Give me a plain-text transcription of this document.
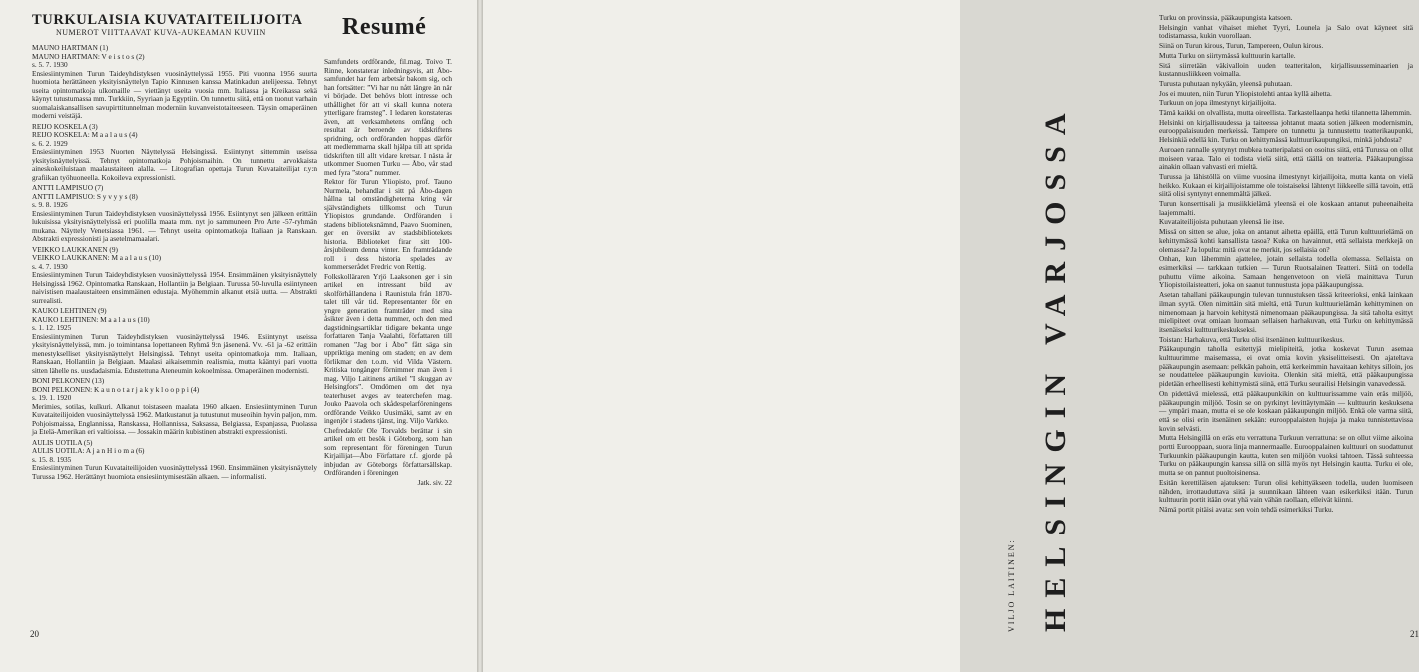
TURKULAISIA KUVATAITEILIJOITA
NUMEROT VIITTAAVAT KUVA-AUKEAMAN KUVIIN

MAUNO HARTMAN (1)

MAUNO HARTMAN: V e i s t o s (2)

s. 5. 7. 1930

Ensiesiintyminen Turun Taideyhdistyksen vuosinäyttelyssä 1955. Piti vuonna 1956 suurta huomiota herättäneen yksityisnäyttelyn Tapio Kinnusen kanssa Matinkadun atelijeessa. Tehnyt useita opintomatkoja ulkomaille — viettänyt useita vuosia mm. Italiassa ja Kreikassa sekä käynyt tutustumassa mm. Turkkiin, Syyriaan ja Egyptiin. On tunnettu siitä, että on tuonut varhain suomalaiskansallisen savupirttitunnelman moderniin kuvanveistotaiteeseen. Täysin omaperäinen moderni veistäjä.

REIJO KOSKELA (3)

REIJO KOSKELA: M a a l a u s (4)

s. 6. 2. 1929

Ensiesiintyminen 1953 Nuorten Näyttelyssä Helsingissä. Esiintynyt sittemmin useissa yksityisnäyttelyissä. Tehnyt opintomatkoja Pohjoismaihin. On tunnettu arvokkaista aineskokeiluistaan maalaustaiteen alalla. — Litografian opettaja Turun Kuvataiteilijat r.y:n grafiikan työhuoneella. Kokoileva expressionisti.

ANTTI LAMPISUO (7)

ANTTI LAMPISUO: S y v y y s (8)

s. 9. 8. 1926

Ensiesiintyminen Turun Taideyhdistyksen vuosinäyttelyssä 1956. Esiintynyt sen jälkeen erittäin lukuisissa yksityisnäyttelyissä eri puolilla maata mm. nyt jo sammuneen Pro Arte -57-ryhmän mukana. Näyttely Venetsiassa 1961. — Tehnyt useita opintomatkoja Italiaan ja Ranskaan. Abstrakti expressionisti ja asetelmamaalari.

VEIKKO LAUKKANEN (9)

VEIKKO LAUKKANEN: M a a l a u s (10)

s. 4. 7. 1930

Ensiesiintyminen Turun Taideyhdistyksen vuosinäyttelyssä 1954. Ensimmäinen yksityisnäyttely Helsingissä 1962. Opintomatka Ranskaan, Hollantiin ja Belgiaan. Turussa 50-luvulla esiintyneen naivistisen maalaustaiteen ensimmäinen edustaja. Myöhemmin alkanut etsiä uutta. — Abstrakti surrealisti.

KAUKO LEHTINEN (9)

KAUKO LEHTINEN: M a a l a u s (10)

s. 1. 12. 1925

Ensiesiintyminen Turun Taideyhdistyksen vuosinäyttelyssä 1946. Esiintynyt useissa yksityisnäyttelyissä, mm. jo toimintansa lopettaneen Ryhmä 9:n jäsenenä. Vv. -61 ja -62 erittäin menestykselliset yksityisnäyttelyt Helsingissä. Tehnyt useita opintomatkoja mm. Italiaan, Ranskaan, Hollantiin ja Belgiaan. Maalasi aikaisemmin realismia, mutta kääntyi pari vuotta sitten lähelle ns. uusdadaismia. Edustettuna Ateneumin kokoelmissa. Omaperäinen modernisti.

BONI PELKONEN (13)

BONI PELKONEN: K a u n o t a r j a k y k l o o p p i (4)

s. 19. 1. 1920

Merimies, sotilas, kulkuri. Alkanut toistaseen maalata 1960 alkaen. Ensiesiintyminen Turun Kuvataiteilijoiden vuosinäyttelyssä 1962. Matkustanut ja tutustunut museoihin hyvin paljon, mm. Pohjoismaissa, Englannissa, Ranskassa, Hollannissa, Saksassa, Belgiassa, Espanjassa, Puolassa ja Etelä-Amerikan eri valtioissa. — Jossakin määrin kubistinen abstrakti expressionisti.

AULIS UOTILA (5)

AULIS UOTILA: A j a n H i o m a (6)

s. 15. 8. 1935

Ensiesiintyminen Turun Kuvataiteilijoiden vuosinäyttelyssä 1960. Ensimmäinen yksityisnäyttely Turussa 1962. Herättänyt huomiota ensiesiintymisestään alkaen. — informalisti.

Resumé

Samfundets ordförande, fil.mag. Toivo T. Rinne, konstaterar inledningsvis, att Åbo-samfundet har fem arbetsår bakom sig, och han fortsätter: ”Vi har nu nått längre än när vi började. Det behövs blott intresse och uthållighet för att vi skall kunna notera ytterligare framsteg”. I ledaren konstateras även, att verksamhetens omfång och resultat är beroende av tidskriftens spridning, och ordföranden hoppas därför att medlemmarna skall hjälpa till att sprida tidskriften till allt vidare kretsar. I nästa år utkommer Suomen Turku — Åbo, vår stad med fyra ”stora” nummer.

Rektor för Turun Yliopisto, prof. Tauno Nurmela, behandlar i sitt på Åbo-dagen hållna tal omständigheterna kring vår självständighets tillkomst och Turun Yliopistos grundande. Ordföranden i stadens biblioteksnämnd, Paavo Suominen, ger en översikt av stadsbibliotekets historia. Biblioteket firar sitt 100-årsjubileum denna vinter. En framträdande roll i dess historia spelades av kommerserådet Fredric von Rettig.

Folkskolläraren Yrjö Laaksonen ger i sin artikel en intressant bild av skolförhållandena i Raunistula från 1870-talet till vår tid. Representanter för en yngre generation framträder med sina åsikter även i detta nummer, och den med dagstidningsartiklar tidigare bekanta unge forfattaren Tanja Vaalahti, författaren till romanen ”Jag bor i Åbo” fått säga sin uppriktiga mening om staden; en av dem förlikmar den t.o.m. vid Vilda Västern. Kritiska tongånger förnimmer man även i mag. Viljo Laitinens artikel ”I skuggan av Helsingfors”. Omdömen om det nya teaterhuset avges av teaterchefen mag. Jouko Paavola och skådespelarföreningens ordförande Veikko Uusimäki, samt av en ingenjör i stadens tjänst, ing. Viljo Varkko.

Chefredaktör Ole Torvalds berättar i sin artikel om ett besök i Göteborg, som han som representant för föreningen Turun Kirjailijat—Åbo Författare r.f. gjorde på inbjudan av Göteborgs författarsällskap. Ordföranden i föreningen

Jatk. siv. 22

20
VILJO LAITINEN: HELSINGIN VARJOSSA

Turku on provinssia, pääkaupungista katsoen.

Helsingin vanhat vihaiset miehet Tyyri, Lounela ja Salo ovat käyneet sitä todistamassa, kukin vuorollaan.

Siinä on Turun kirous, Turun, Tampereen, Oulun kirous.

Mutta Turku on siirtymässä kulttuurin kartalle.

Sitä siirretään väkivalloin uuden teatteritalon, kirjallisuusseminaarien ja kustannusliikkeen voimalla.

Turusta puhutaan nykyään, yleensä puhutaan.

Jos ei muuten, niin Turun Yliopistolehti antaa kyllä aihetta.

Turkuun on jopa ilmestynyt kirjailijoita.

Tämä kaikki on olvallista, mutta oireellista. Tarkastellaanpa hetki tilannetta lähemmin.

Helsinki on kirjallisuudessa ja taiteessa johtanut maata sotien jälkeen modernismin, eurooppalaisuuden merkeissä. Tampere on tunnettu ja tunnustettu teatterikaupunki, Helsinkiä edellä kin. Turku on kehittymässä kulttuurikaupungiksi, minkä johdosta?

Auroaen rannalle syntynyt mubkea teatteripalatsi on osoitus siitä, että Turussa on ollut moiseen varaa. Talo ei todista vielä siitä, että täällä on teatteria. Pääkaupungissa ainakin ollaan vahvasti eri mieltä.

Turussa ja lähistöllä on viime vuosina ilmestynyt kirjailijoita, mutta kanta on vielä heikko. Kukaan ei kirjailijoistamme ole toistaiseksi lähtenyt liikkeelle sillä tavoin, että siitä olisi syntynyt ennemmältä jälkeä.

Turun konserttisali ja musiikkielämä yleensä ei ole koskaan antanut puheenaiheita laajemmalti.

Kuvataiteilijoista puhutaan yleensä lie itse.

Missä on sitten se alue, joka on antanut aihetta epäillä, että Turun kulttuurielämä on kehittymässä kohti kansallista tasoa? Kuka on havainnut, että sellaista merkkejä on olemassa? Ja lopulta: mitä ovat ne merkit, jos sellaisia on?

Onhan, kun lähemmin ajattelee, jotain sellaista todella olemassa. Sellaista on esimerkiksi — tarkkaan tutkien — Turun Ruotsalainen Teatteri. Siitä on todella puhuttu viime aikoina. Samaan hengenvetoon on vielä mainittava Turun Yliopistoilaisteatteri, joka on saanut tunnustusta jopa pääkaupungissa.

Asetan tahallani pääkaupungin tulevan tunnustuksen tässä kriteerioksi, enkä lainkaan ilman syytä. Olen nimittäin sitä mieltä, että Turun kulttuurielämän kehittyminen on nimenomaan ja harvoin kehitystä nimenomaan pääkaupungissa. Ja sitä taholta esittyt mielipiteet ovat omiaan luomaan sellaisen harhakuvan, että Turku on kehittymässä itsenäiseksi kulttuurikeskukseksi.

Toistan: Harhakuva, että Turku olisi itsenäinen kulttuurikeskus.

Pääkaupungin taholla esitettyjä mielipiteitä, jotka koskevat Turun asemaa kulttuurimme maisemassa, ei ovat omia kovin yksiselitteisesti. On ajateltava pääkaupungin asemaan: pelkkän pahoin, että kerkeimmin havaitaan kehitys silloin, jos se noudattelee pääkaupungin kuvioita. Olenkin sitä mieltä, että pääkaupungissa pidetään erheellisesti kehittymistä siinä, että Turku seurailisi Helsingin vanavedessä.

On pidettävä mielessä, että pääkaupunkikin on kulttuurissamme vain eräs miljöö, pääkaupungin miljöö. Tosin se on pyrkinyt levittäytymään — kulttuurin keskuksena — ympäri maan, mutta ei se ole koskaan pääkaupungin miljöö. Enkä ole varma siitä, että se olisi erin itsenäinen sekään: eurooppalaisten hujuja ja maku tunnistettavissa kovin selvästi.

Mutta Helsingillä on eräs etu verrattuna Turkuun verrattuna: se on ollut viime aikoina portti Eurooppaan, suora linja mannermaalle. Eurooppalainen kulttuuri on suodattunut Turkuunkin pääkaupungin kautta, kuten sen miljöön vuoksi tahtoen. Tässä suhteessa Turku on pääkaupungin kanssa sillä on sillä myös nyt Helsingin kautta. Turku ei ole, mutta se on pannut puoltoisinensa.

Esitän kerettiläisen ajatuksen: Turun olisi kehittyäkseen todella, uuden luomiseen nähden, irrottauduttava siitä ja suunnikaan lähteen vaan esikerkiksi itään. Turun kulttuurin portit itään ovat yhä vain vähän raollaan, elleivät kiinni.

Nämä portit pitäisi avata: sen voin tehdä esimerkiksi Turku.

21
